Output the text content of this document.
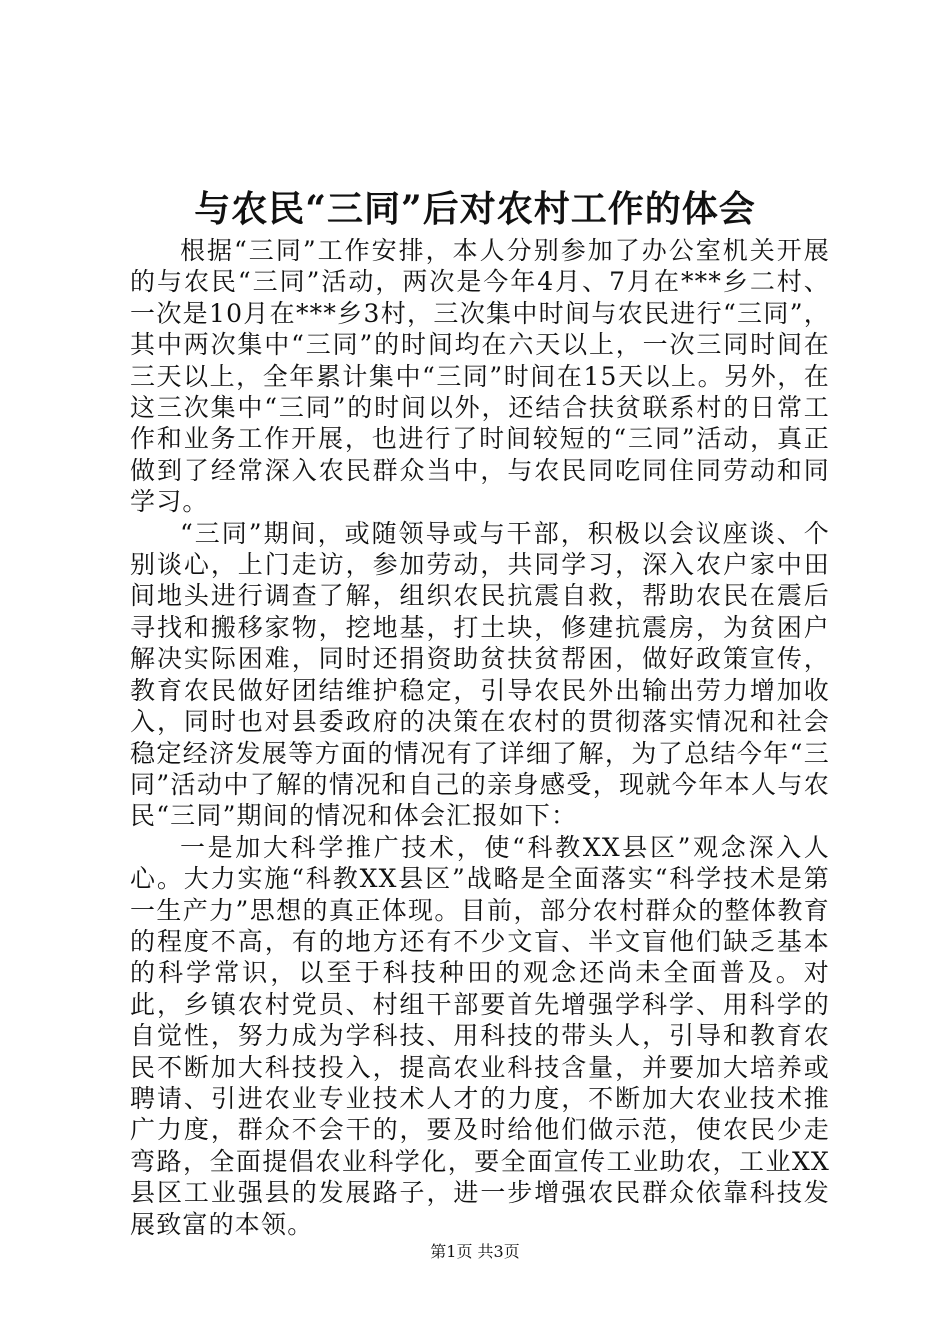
与农民“三同”后对农村工作的体会

根据“三同”工作安排，本人分别参加了办公室机关开展的与农民“三同”活动，两次是今年4月、7月在***乡二村、一次是10月在***乡3村，三次集中时间与农民进行“三同”，其中两次集中“三同”的时间均在六天以上，一次三同时间在三天以上，全年累计集中“三同”时间在15天以上。另外，在这三次集中“三同”的时间以外，还结合扶贫联系村的日常工作和业务工作开展，也进行了时间较短的“三同”活动，真正做到了经常深入农民群众当中，与农民同吃同住同劳动和同学习。

“三同”期间，或随领导或与干部，积极以会议座谈、个别谈心，上门走访，参加劳动，共同学习，深入农户家中田间地头进行调查了解，组织农民抗震自救，帮助农民在震后寻找和搬移家物，挖地基，打土块，修建抗震房，为贫困户解决实际困难，同时还捐资助贫扶贫帮困，做好政策宣传，教育农民做好团结维护稳定，引导农民外出输出劳力增加收入，同时也对县委政府的决策在农村的贯彻落实情况和社会稳定经济发展等方面的情况有了详细了解，为了总结今年“三同”活动中了解的情况和自己的亲身感受，现就今年本人与农民“三同”期间的情况和体会汇报如下：

一是加大科学推广技术，使“科教XX县区”观念深入人心。大力实施“科教XX县区”战略是全面落实“科学技术是第一生产力”思想的真正体现。目前，部分农村群众的整体教育的程度不高，有的地方还有不少文盲、半文盲他们缺乏基本的科学常识，以至于科技种田的观念还尚未全面普及。对此，乡镇农村党员、村组干部要首先增强学科学、用科学的自觉性，努力成为学科技、用科技的带头人，引导和教育农民不断加大科技投入，提高农业科技含量，并要加大培养或聘请、引进农业专业技术人才的力度，不断加大农业技术推广力度，群众不会干的，要及时给他们做示范，使农民少走弯路，全面提倡农业科学化，要全面宣传工业助农，工业XX县区工业强县的发展路子，进一步增强农民群众依靠科技发展致富的本领。

第1页 共3页
